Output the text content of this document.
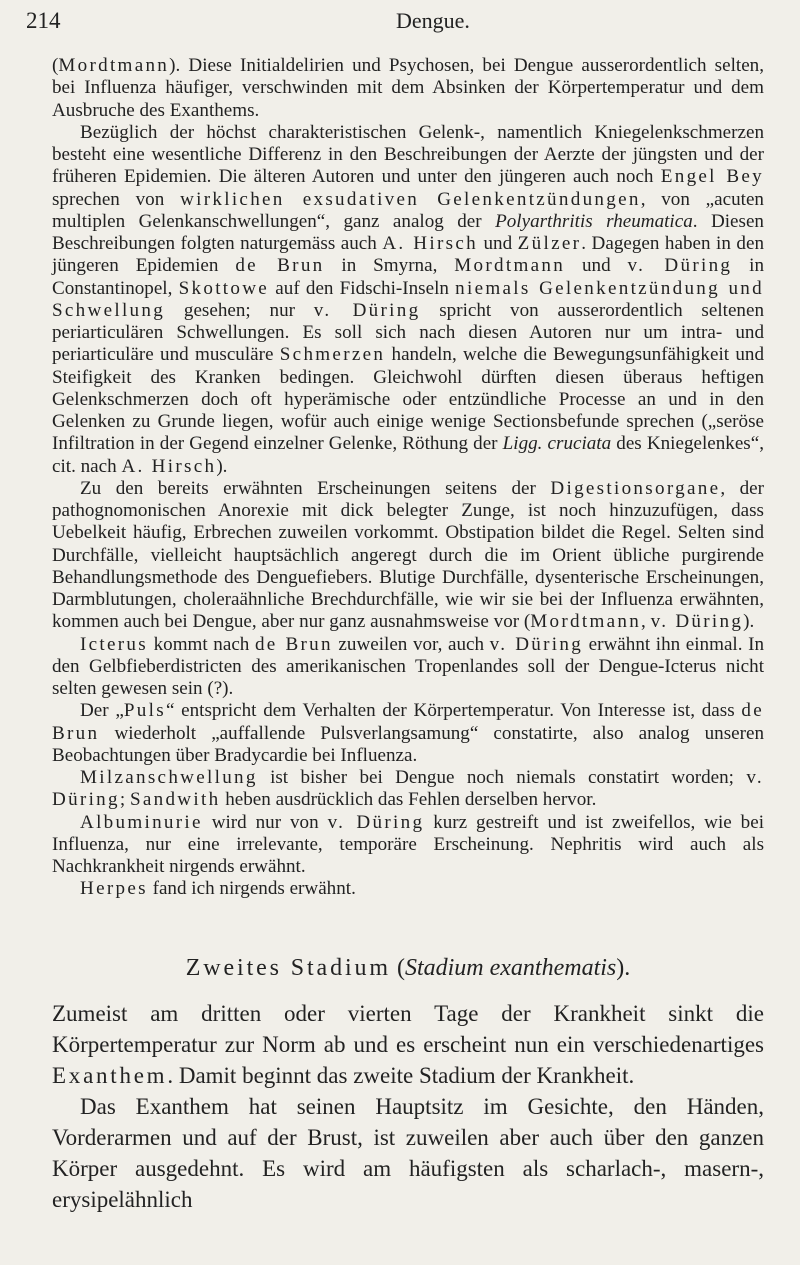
214	Dengue.

(Mordtmann). Diese Initialdelirien und Psychosen, bei Dengue ausserordentlich selten, bei Influenza häufiger, verschwinden mit dem Absinken der Körpertemperatur und dem Ausbruche des Exanthems.

Bezüglich der höchst charakteristischen Gelenk-, namentlich Kniegelenkschmerzen besteht eine wesentliche Differenz in den Beschreibungen der Aerzte der jüngsten und der früheren Epidemien. Die älteren Autoren und unter den jüngeren auch noch Engel Bey sprechen von wirklichen exsudativen Gelenkentzündungen, von „acuten multiplen Gelenkanschwellungen“, ganz analog der Polyarthritis rheumatica. Diesen Beschreibungen folgten naturgemäss auch A. Hirsch und Zülzer. Dagegen haben in den jüngeren Epidemien de Brun in Smyrna, Mordtmann und v. Düring in Constantinopel, Skottowe auf den Fidschi-Inseln niemals Gelenkentzündung und Schwellung gesehen; nur v. Düring spricht von ausserordentlich seltenen periarticulären Schwellungen. Es soll sich nach diesen Autoren nur um intra- und periarticuläre und musculäre Schmerzen handeln, welche die Bewegungsunfähigkeit und Steifigkeit des Kranken bedingen. Gleichwohl dürften diesen überaus heftigen Gelenkschmerzen doch oft hyperämische oder entzündliche Processe an und in den Gelenken zu Grunde liegen, wofür auch einige wenige Sectionsbefunde sprechen („seröse Infiltration in der Gegend einzelner Gelenke, Röthung der Ligg. cruciata des Kniegelenkes“, cit. nach A. Hirsch).

Zu den bereits erwähnten Erscheinungen seitens der Digestionsorgane, der pathognomonischen Anorexie mit dick belegter Zunge, ist noch hinzuzufügen, dass Uebelkeit häufig, Erbrechen zuweilen vorkommt. Obstipation bildet die Regel. Selten sind Durchfälle, vielleicht hauptsächlich angeregt durch die im Orient übliche purgirende Behandlungsmethode des Denguefiebers. Blutige Durchfälle, dysenterische Erscheinungen, Darmblutungen, choleraähnliche Brechdurchfälle, wie wir sie bei der Influenza erwähnten, kommen auch bei Dengue, aber nur ganz ausnahmsweise vor (Mordtmann, v. Düring).

Icterus kommt nach de Brun zuweilen vor, auch v. Düring erwähnt ihn einmal. In den Gelbfieberdistricten des amerikanischen Tropenlandes soll der Dengue-Icterus nicht selten gewesen sein (?).

Der „Puls“ entspricht dem Verhalten der Körpertemperatur. Von Interesse ist, dass de Brun wiederholt „auffallende Pulsverlangsamung“ constatirte, also analog unseren Beobachtungen über Bradycardie bei Influenza.

Milzanschwellung ist bisher bei Dengue noch niemals constatirt worden; v. Düring; Sandwith heben ausdrücklich das Fehlen derselben hervor.

Albuminurie wird nur von v. Düring kurz gestreift und ist zweifellos, wie bei Influenza, nur eine irrelevante, temporäre Erscheinung. Nephritis wird auch als Nachkrankheit nirgends erwähnt.

Herpes fand ich nirgends erwähnt.

Zweites Stadium (Stadium exanthematis).

Zumeist am dritten oder vierten Tage der Krankheit sinkt die Körpertemperatur zur Norm ab und es erscheint nun ein verschiedenartiges Exanthem. Damit beginnt das zweite Stadium der Krankheit.

Das Exanthem hat seinen Hauptsitz im Gesichte, den Händen, Vorderarmen und auf der Brust, ist zuweilen aber auch über den ganzen Körper ausgedehnt. Es wird am häufigsten als scharlach-, masern-, erysipelähnlich
